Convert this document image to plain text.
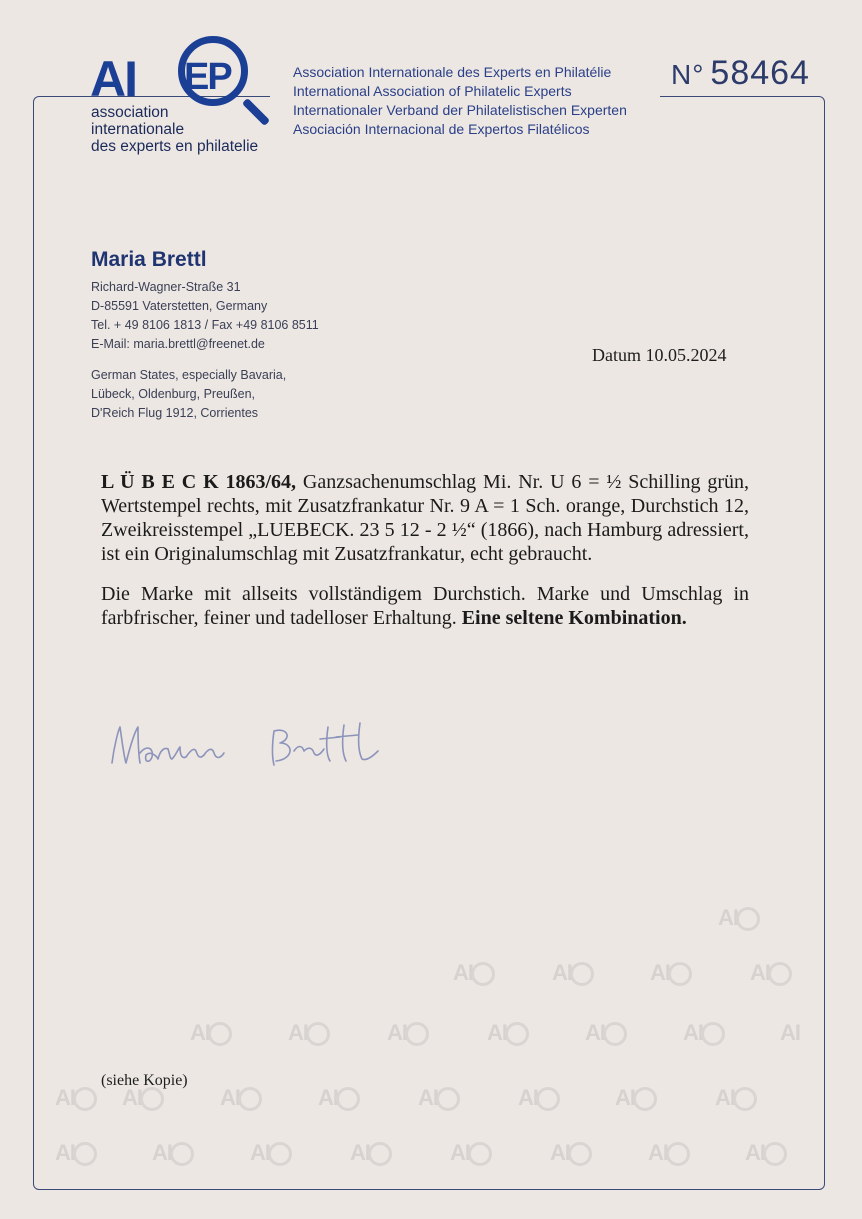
AI
AI	AI	AI	AI
AI	AI	AI	AI	AI	AI	AI
AI	AI	AI	AI	AI	AI	AI	AI
AI	AI	AI	AI	AI	AI	AI	AI
AI EP
association
internationale
des experts en philatelie
Association Internationale des Experts en Philatélie
International Association of Philatelic Experts
Internationaler Verband der Philatelistischen Experten
Asociación Internacional de Expertos Filatélicos
N° 58464
Maria Brettl
Richard-Wagner-Straße 31
D-85591 Vaterstetten, Germany
Tel. + 49 8106 1813 / Fax +49 8106 8511
E-Mail: maria.brettl@freenet.de
German States, especially Bavaria,
Lübeck, Oldenburg, Preußen,
D'Reich Flug 1912, Corrientes
Datum 10.05.2024

L Ü B E C K 1863/64, Ganzsachenumschlag Mi. Nr. U 6 = ½ Schilling grün, Wertstempel rechts, mit Zusatzfrankatur Nr. 9 A = 1 Sch. orange, Durchstich 12, Zweikreisstempel „LUEBECK. 23 5 12 - 2 ½“ (1866), nach Hamburg adressiert, ist ein Originalumschlag mit Zusatzfrankatur, echt gebraucht.

Die Marke mit allseits vollständigem Durchstich. Marke und Umschlag in farbfrischer, feiner und tadelloser Erhaltung. Eine seltene Kombination.

(siehe Kopie)
